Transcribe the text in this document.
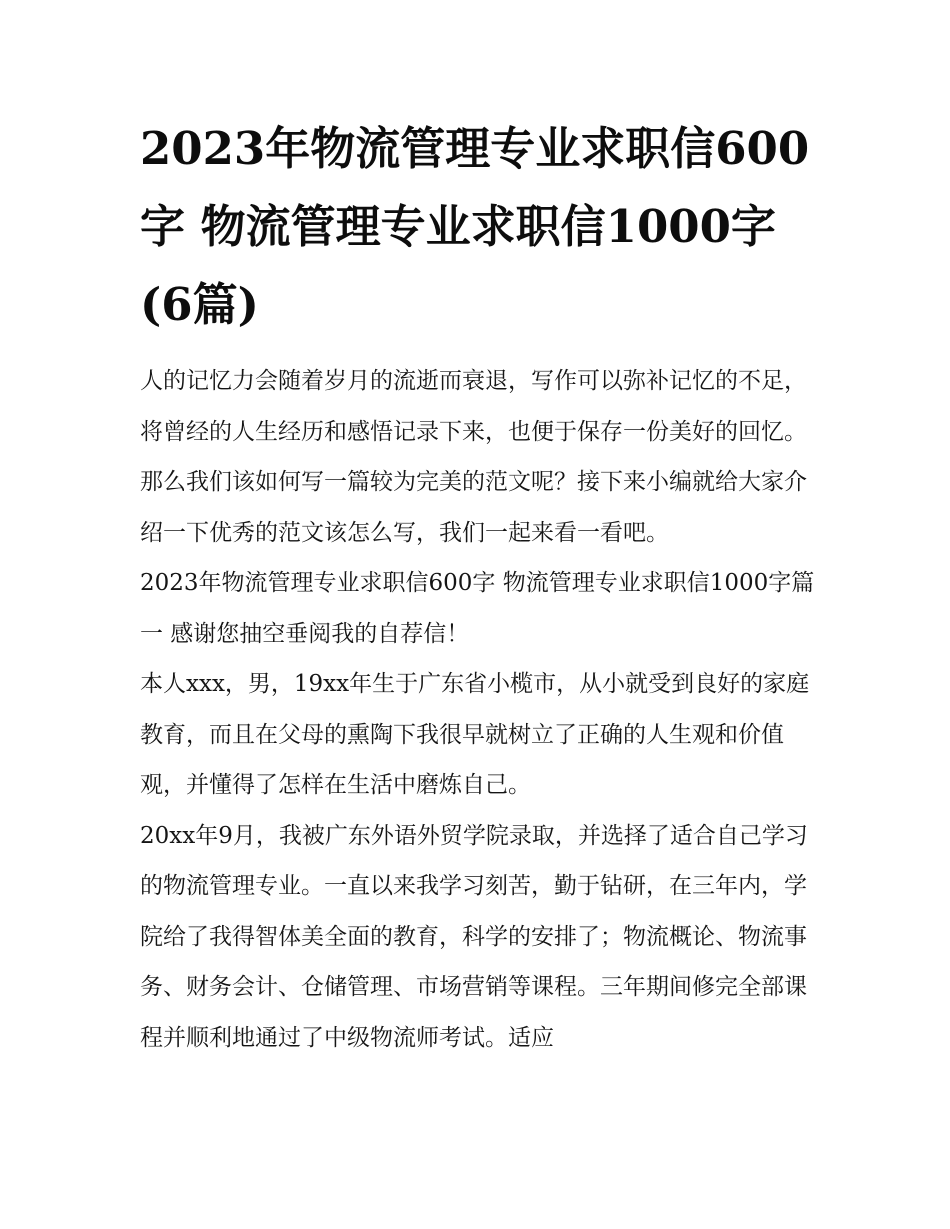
2023年物流管理专业求职信600字 物流管理专业求职信1000字(6篇)

人的记忆力会随着岁月的流逝而衰退，写作可以弥补记忆的不足，将曾经的人生经历和感悟记录下来，也便于保存一份美好的回忆。那么我们该如何写一篇较为完美的范文呢？接下来小编就给大家介绍一下优秀的范文该怎么写，我们一起来看一看吧。

2023年物流管理专业求职信600字 物流管理专业求职信1000字篇一 感谢您抽空垂阅我的自荐信！

本人xxx，男，19xx年生于广东省小榄市，从小就受到良好的家庭教育，而且在父母的熏陶下我很早就树立了正确的人生观和价值观，并懂得了怎样在生活中磨炼自己。

20xx年9月，我被广东外语外贸学院录取，并选择了适合自己学习的物流管理专业。一直以来我学习刻苦，勤于钻研，在三年内，学院给了我得智体美全面的教育，科学的安排了；物流概论、物流事务、财务会计、仓储管理、市场营销等课程。三年期间修完全部课程并顺利地通过了中级物流师考试。适应
